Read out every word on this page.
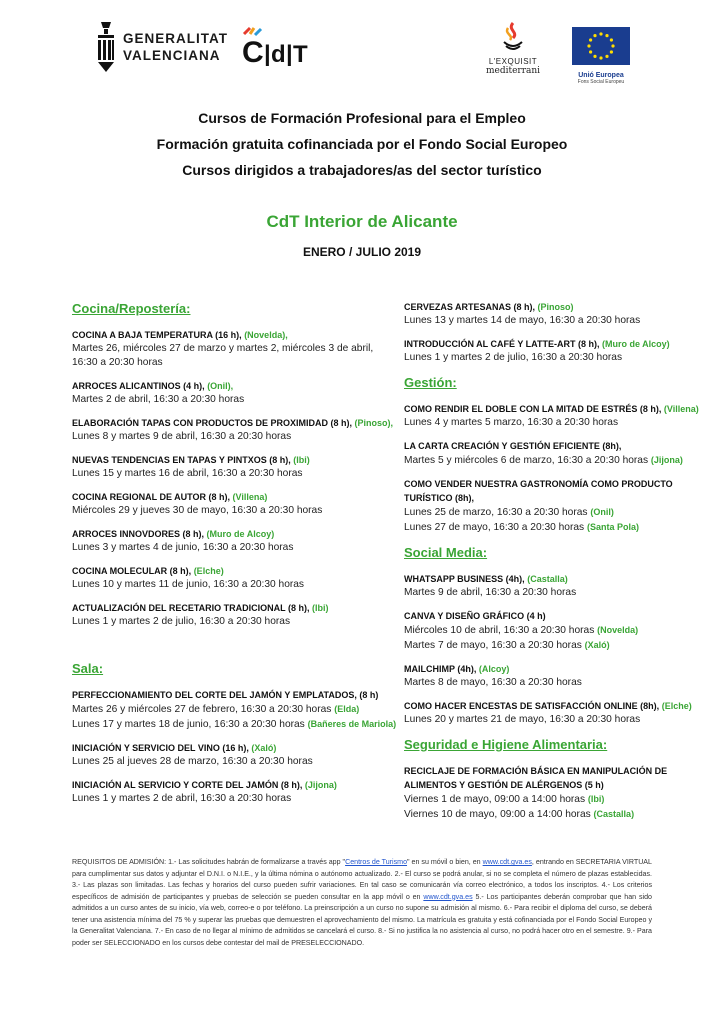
GENERALITAT
VALENCIANA C | d | T	L'EXQUISIT
mediterrani	Unió Europea
Fons Social Europeu
Cursos de Formación Profesional para el Empleo
Formación gratuita cofinanciada por el Fondo Social Europeo
Cursos dirigidos a trabajadores/as del sector turístico
CdT Interior de Alicante
ENERO / JULIO 2019
Cocina/Repostería:
COCINA A BAJA TEMPERATURA (16 h), (Novelda),
Martes 26, miércoles 27 de marzo y martes 2, miércoles 3 de abril,
16:30 a 20:30 horas
ARROCES ALICANTINOS (4 h), (Onil),
Martes 2 de abril, 16:30 a 20:30 horas
ELABORACIÓN TAPAS CON PRODUCTOS DE PROXIMIDAD (8 h), (Pinoso),
Lunes 8 y martes 9 de abril, 16:30 a 20:30 horas
NUEVAS TENDENCIAS EN TAPAS Y PINTXOS (8 h), (Ibi)
Lunes 15 y martes 16 de abril, 16:30 a 20:30 horas
COCINA REGIONAL DE AUTOR (8 h), (Villena)
Miércoles 29 y jueves 30 de mayo, 16:30 a 20:30 horas
ARROCES INNOVDORES (8 h), (Muro de Alcoy)
Lunes 3 y martes 4 de junio, 16:30 a 20:30 horas
COCINA MOLECULAR (8 h), (Elche)
Lunes 10 y martes 11 de junio, 16:30 a 20:30 horas
ACTUALIZACIÓN DEL RECETARIO TRADICIONAL (8 h), (Ibi)
Lunes 1 y martes 2 de julio, 16:30 a 20:30 horas
Sala:
PERFECCIONAMIENTO DEL CORTE DEL JAMÓN Y EMPLATADOS, (8 h)
Martes 26 y miércoles 27 de febrero, 16:30 a 20:30 horas (Elda)
Lunes 17 y martes 18 de junio, 16:30 a 20:30 horas (Bañeres de Mariola)
INICIACIÓN Y SERVICIO DEL VINO (16 h), (Xaló)
Lunes 25 al jueves 28 de marzo, 16:30 a 20:30 horas
INICIACIÓN AL SERVICIO Y CORTE DEL JAMÓN (8 h), (Jijona)
Lunes 1 y martes 2 de abril, 16:30 a 20:30 horas
CERVEZAS ARTESANAS (8 h), (Pinoso)
Lunes 13 y martes 14 de mayo, 16:30 a 20:30 horas
INTRODUCCIÓN AL CAFÉ Y LATTE-ART (8 h), (Muro de Alcoy)
Lunes 1 y martes 2 de julio, 16:30 a 20:30 horas
Gestión:
COMO RENDIR EL DOBLE CON LA MITAD DE ESTRÉS (8 h), (Villena)
Lunes 4 y martes 5 marzo, 16:30 a 20:30 horas
LA CARTA CREACIÓN Y GESTIÓN EFICIENTE (8h),
Martes 5 y miércoles 6 de marzo, 16:30 a 20:30 horas (Jijona)
COMO VENDER NUESTRA GASTRONOMÍA COMO PRODUCTO TURÍSTICO (8h),
Lunes 25 de marzo, 16:30 a 20:30 horas (Onil)
Lunes 27 de mayo, 16:30 a 20:30 horas (Santa Pola)
Social Media:
WHATSAPP BUSINESS (4h), (Castalla)
Martes 9 de abril, 16:30 a 20:30 horas
CANVA Y DISEÑO GRÁFICO (4 h)
Miércoles 10 de abril, 16:30 a 20:30 horas (Novelda)
Martes 7 de mayo, 16:30 a 20:30 horas (Xaló)
MAILCHIMP (4h), (Alcoy)
Martes 8 de mayo, 16:30 a 20:30 horas
COMO HACER ENCESTAS DE SATISFACCIÓN ONLINE (8h), (Elche)
Lunes 20 y martes 21 de mayo, 16:30 a 20:30 horas
Seguridad e Higiene Alimentaria:
RECICLAJE DE FORMACIÓN BÁSICA EN MANIPULACIÓN DE ALIMENTOS Y GESTIÓN DE ALÉRGENOS (5 h)
Viernes 1 de mayo, 09:00 a 14:00 horas (Ibi)
Viernes 10 de mayo, 09:00 a 14:00 horas (Castalla)
REQUISITOS DE ADMISIÓN: 1.- Las solicitudes habrán de formalizarse a través app "Centros de Turismo" en su móvil o bien, en www.cdt.gva.es, entrando en SECRETARIA VIRTUAL para cumplimentar sus datos y adjuntar el D.N.I. o N.I.E., y la última nómina o autónomo actualizado. 2.- El curso se podrá anular, si no se completa el número de plazas establecidas. 3.- Las plazas son limitadas. Las fechas y horarios del curso pueden sufrir variaciones. En tal caso se comunicarán vía correo electrónico, a todos los inscriptos. 4.- Los criterios específicos de admisión de participantes y pruebas de selección se pueden consultar en la app móvil o en www.cdt.gva.es 5.- Los participantes deberán comprobar que han sido admitidos a un curso antes de su inicio, vía web, correo-e o por teléfono. La preinscripción a un curso no supone su admisión al mismo. 6.- Para recibir el diploma del curso, se deberá tener una asistencia mínima del 75 % y superar las pruebas que demuestren el aprovechamiento del mismo. La matrícula es gratuita y está cofinanciada por el Fondo Social Europeo y la Generalitat Valenciana. 7.- En caso de no llegar al mínimo de admitidos se cancelará el curso. 8.- Si no justifica la no asistencia al curso, no podrá hacer otro en el semestre. 9.- Para poder ser SELECCIONADO en los cursos debe contestar del mail de PRESELECCIONADO.
